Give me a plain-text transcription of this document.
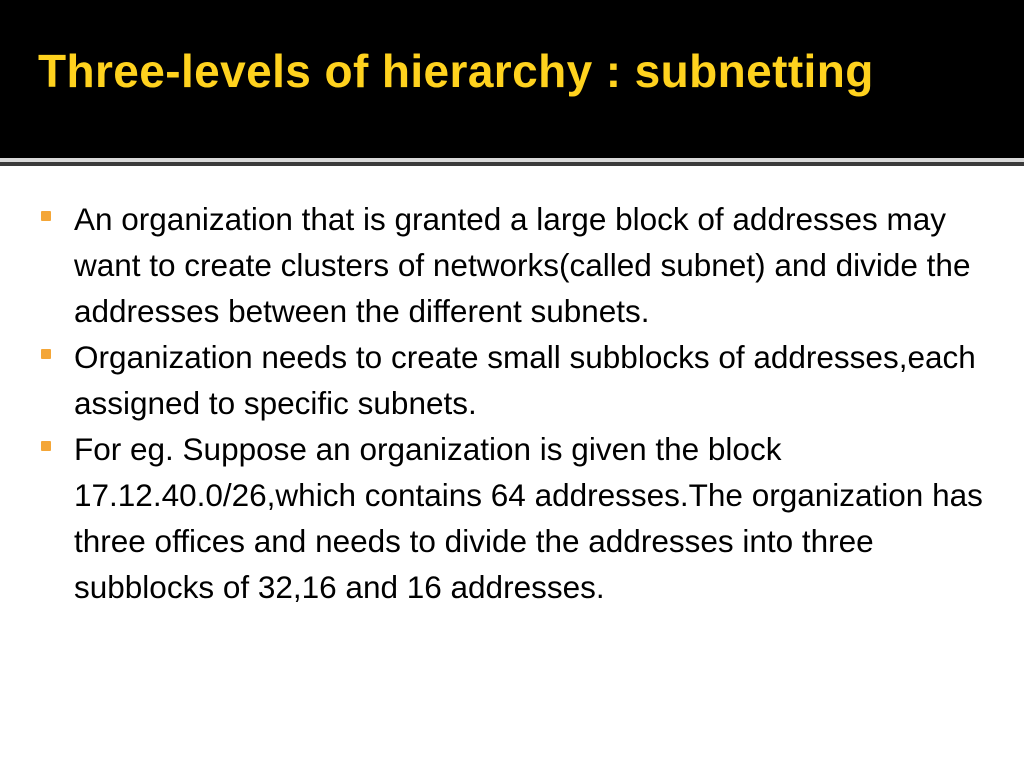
Three-levels of hierarchy : subnetting
An organization that is granted a large block of addresses may want to create clusters of networks(called subnet) and divide the addresses between the different subnets.
Organization needs to create small subblocks of addresses,each assigned to specific subnets.
For eg. Suppose an organization is given the block 17.12.40.0/26,which contains 64 addresses.The organization has three offices and needs to divide the addresses into three subblocks of 32,16 and 16 addresses.
